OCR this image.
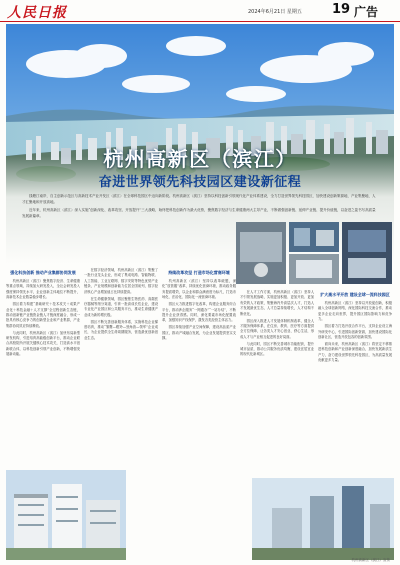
人民日报	2024年6月21日 星期五 19 广告
杭州高新区（滨江）
奋进世界领先科技园区建设新征程

钱塘江南岸，自主创新示范区与高新技术产业开发区（滨江）在全球科技园区中迈向新阶段。杭州高新区（滨江）坚持以科技创新引领现代化产业体系建设，全力打造世界领先科技园区，加快建设创新策源地、产业集聚地、人才汇聚地和开放高地。

近年来，杭州高新区（滨江）深入实施“创新深化、改革攻坚、开放提升”三大战略，始终把科技创新作为最大优势，聚焦数字经济与生命健康两大主导产业，不断做强创新链、延伸产业链、提升价值链，以奋进之姿书写高质量发展新篇章。

强化科技创新 推动产业集群协同发展

杭州高新区（滨江）聚焦数字经济、生命健康等重点领域，持续加大研发投入，全社会研发投入强度保持领先水平，企业创新主体地位不断提升，高新技术企业数量稳步增长。

园区着力构建“基础研究＋技术攻关＋成果产业化＋科技金融＋人才支撑”全过程创新生态链，推动创新链产业链资金链人才链深度融合，形成一批具有核心竞争力的创新型企业和产业集群，产业集群协同效应持续释放。

与此同时，杭州高新区（滨江）加快布局新型研发机构，引进培育高能级创新平台，推动企业联合高校院所开展关键核心技术攻关，打造高水平创新联合体，以科技创新引领产业创新，不断增强发展新动能。

在数字经济领域，杭州高新区（滨江）集聚了一批行业龙头企业，形成了集成电路、智能物联、人工智能、工业互联网、数字安防等特色优势产业链条，产业规模和创新能力位居全国前列，数字经济核心产业增加值占比持续提高。

在生命健康领域，园区聚焦生物医药、高端医疗器械等细分赛道，引育一批高成长性企业，建设专业化产业园区和公共服务平台，推动生命健康产业成为新的增长极。

园区不断完善创新服务体系，实施科技企业梯度培育，推动“雏鹰—瞪羚—独角兽—领军”企业成长，为企业提供全生命周期服务，营造最优创新创业生态。

持续改革攻坚 打造市场化营商环境

杭州高新区（滨江）坚持以改革破题，深化“放管服”改革，持续优化营商环境，推动政务服务提质增效，以企业和群众满意度为标尺，打造市场化、法治化、国际化一流营商环境。

园区大力推进数字化改革，构建企业服务综合平台，推动涉企服务“一网通办”“一站办结”，不断提升企业获得感。同时，深化要素市场化配置改革，加强知识产权保护，激发各类经营主体活力。

园区持续加强产业空间保障，建设高品质产业园区，推动产城融合发展，为企业发展提供坚实支撑。

在人才工作方面，杭州高新区（滨江）坚持人才引领发展战略，实施更加积极、更加开放、更加有效的人才政策，集聚海内外高层次人才，打造人才发展最优生态，人才总量持续增长，人才结构不断优化。

园区深入推进人才发展体制机制改革，健全人才服务保障体系，在住房、教育、医疗等方面提供全方位保障，让各类人才安心创业、舒心生活，形成人才与产业相互促进的良好局面。

与此同时，园区不断完善城市功能配套，提升城市品质，推动公共服务优质均衡，建设宜居宜业的现代化新城区。

扩大高水平开放 建设全球一流科技园区

杭州高新区（滨江）坚持以开放促创新，积极融入全球创新网络，深化国际科技交流合作，推动更多企业走向世界，提升园区国际影响力和竞争力。

园区着力打造开放合作平台，支持企业设立海外研发中心，引进国际创新资源，加快建设国际化创新社区，营造开放包容的创新氛围。

面向未来，杭州高新区（滨江）将坚定不移推进科技创新和产业创新深度融合，加快发展新质生产力，奋力建设世界领先科技园区，为高质量发展贡献更多力量。

杭州高新区（滨江）宣传
